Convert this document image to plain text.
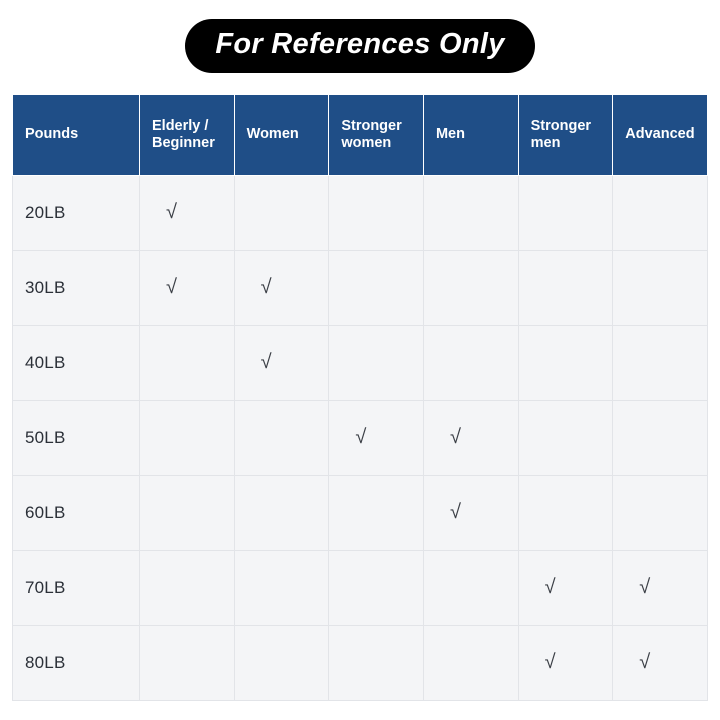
For References Only
Pounds	Elderly / Beginner	Women	Stronger women	Men	Stronger men	Advanced
20LB	√					
30LB	√	√				
40LB		√				
50LB			√	√		
60LB				√		
70LB					√	√
80LB					√	√
